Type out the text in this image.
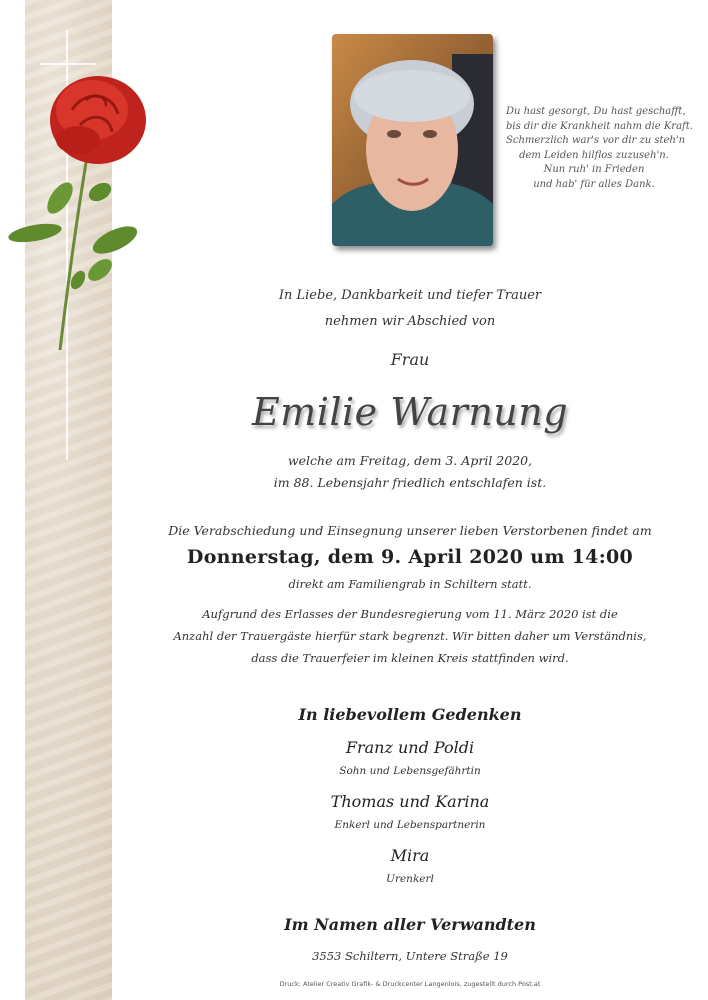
Du hast gesorgt, Du hast geschafft,
bis dir die Krankheit nahm die Kraft.
Schmerzlich war's vor dir zu steh'n
dem Leiden hilflos zuzuseh'n.
Nun ruh' in Frieden
und hab' für alles Dank.
In Liebe, Dankbarkeit und tiefer Trauer
nehmen wir Abschied von
Frau
Emilie Warnung
welche am Freitag, dem 3. April 2020,
im 88. Lebensjahr friedlich entschlafen ist.
Die Verabschiedung und Einsegnung unserer lieben Verstorbenen findet am
Donnerstag, dem 9. April 2020 um 14:00
direkt am Familiengrab in Schiltern statt.
Aufgrund des Erlasses der Bundesregierung vom 11. März 2020 ist die
Anzahl der Trauergäste hierfür stark begrenzt. Wir bitten daher um Verständnis,
dass die Trauerfeier im kleinen Kreis stattfinden wird.
In liebevollem Gedenken
Franz und Poldi
Sohn und Lebensgefährtin
Thomas und Karina
Enkerl und Lebenspartnerin
Mira
Urenkerl
Im Namen aller Verwandten
3553 Schiltern, Untere Straße 19
Druck: Atelier Creativ Grafik- & Druckcenter Langenlois, zugestellt durch Post.at
